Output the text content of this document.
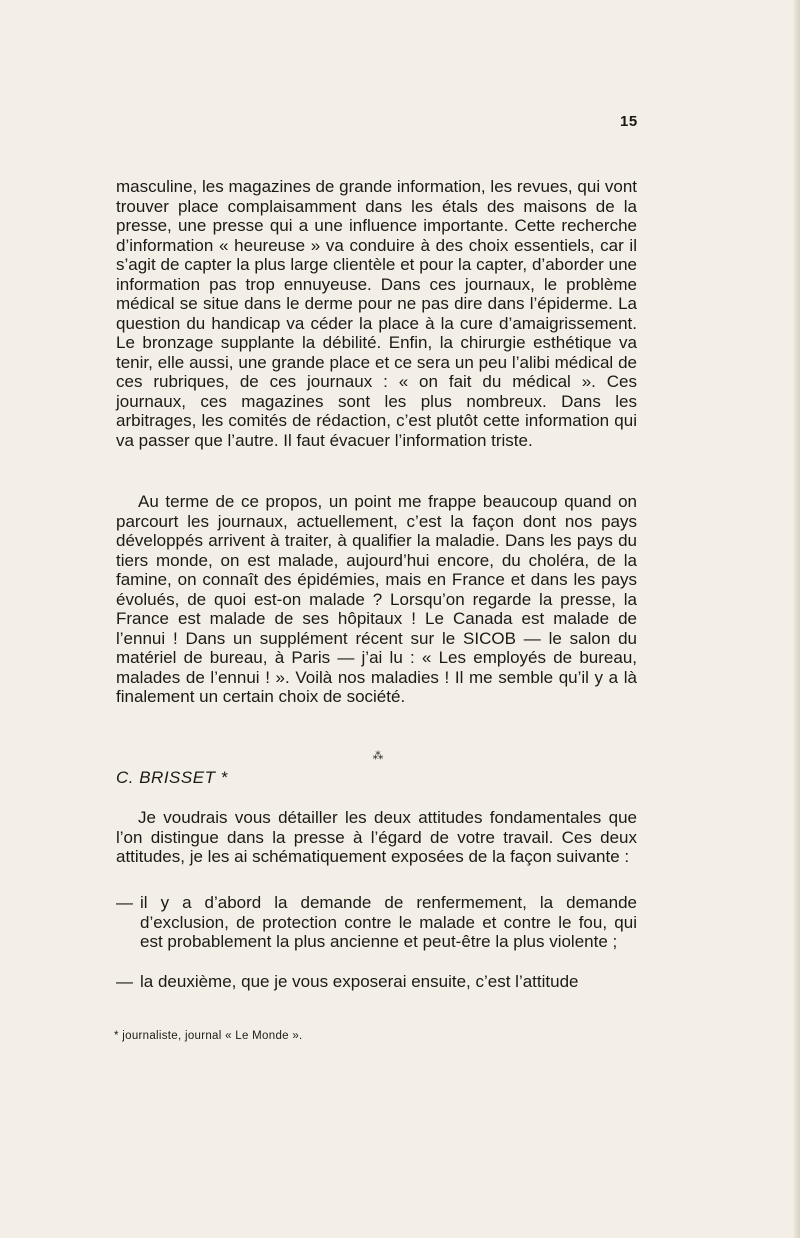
15

masculine, les magazines de grande information, les revues, qui vont trouver place complaisamment dans les étals des maisons de la presse, une presse qui a une influence importante. Cette recherche d’information « heureuse » va conduire à des choix essentiels, car il s’agit de capter la plus large clientèle et pour la capter, d’aborder une information pas trop ennuyeuse. Dans ces journaux, le problème médical se situe dans le derme pour ne pas dire dans l’épiderme. La question du handicap va céder la place à la cure d’amaigrissement. Le bronzage supplante la débilité. Enfin, la chirurgie esthétique va tenir, elle aussi, une grande place et ce sera un peu l’alibi médical de ces rubriques, de ces journaux : « on fait du médical ». Ces journaux, ces magazines sont les plus nombreux. Dans les arbitrages, les comités de rédaction, c’est plutôt cette information qui va passer que l’autre. Il faut évacuer l’information triste.

Au terme de ce propos, un point me frappe beaucoup quand on parcourt les journaux, actuellement, c’est la façon dont nos pays développés arrivent à traiter, à qualifier la maladie. Dans les pays du tiers monde, on est malade, aujourd’hui encore, du choléra, de la famine, on connaît des épidémies, mais en France et dans les pays évolués, de quoi est-on malade ? Lorsqu’on regarde la presse, la France est malade de ses hôpitaux ! Le Canada est malade de l’ennui ! Dans un supplément récent sur le SICOB — le salon du matériel de bureau, à Paris — j’ai lu : « Les employés de bureau, malades de l’ennui ! ». Voilà nos maladies ! Il me semble qu’il y a là finalement un certain choix de société.

⁂
C. BRISSET *

Je voudrais vous détailler les deux attitudes fondamentales que l’on distingue dans la presse à l’égard de votre travail. Ces deux attitudes, je les ai schématiquement exposées de la façon suivante :

— il y a d’abord la demande de renfermement, la demande d’exclusion, de protection contre le malade et contre le fou, qui est probablement la plus ancienne et peut-être la plus violente ;
— la deuxième, que je vous exposerai ensuite, c’est l’attitude
* journaliste, journal « Le Monde ».
